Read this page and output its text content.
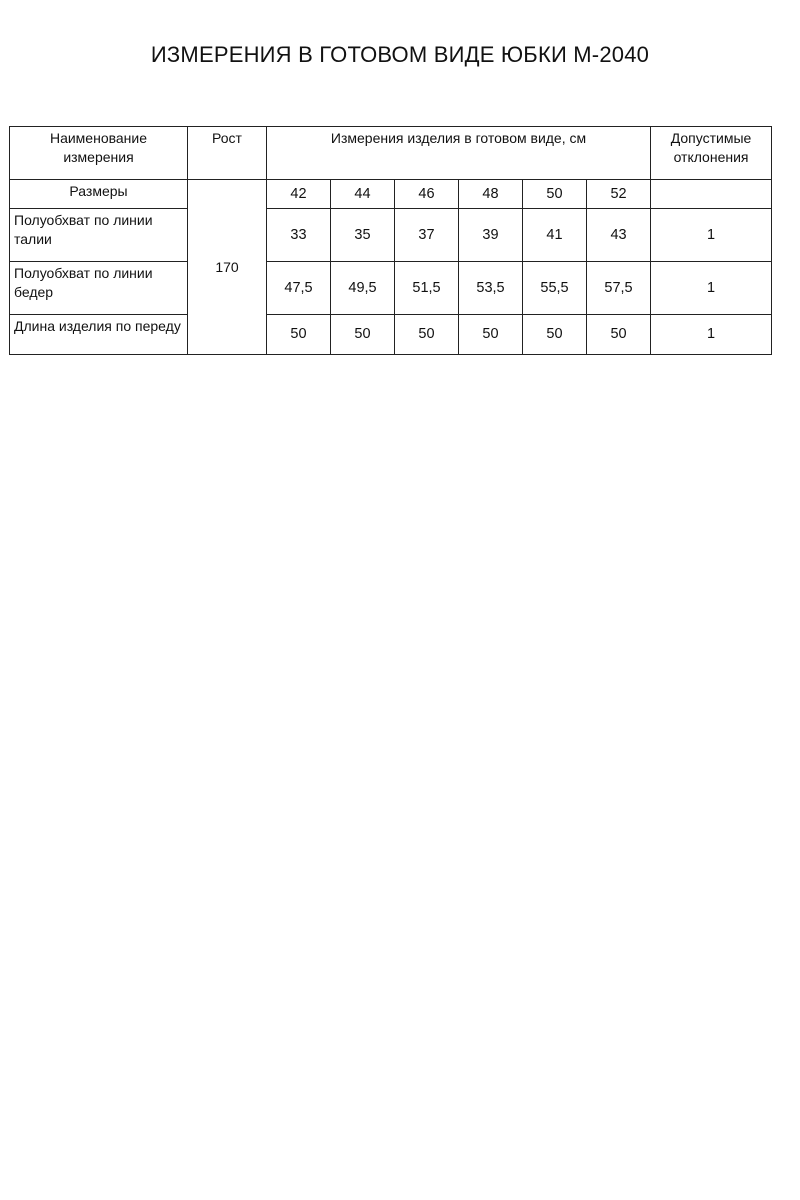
ИЗМЕРЕНИЯ В ГОТОВОМ ВИДЕ ЮБКИ М-2040
Наименование измерения	Рост	Измерения изделия в готовом виде, см						Допустимые отклонения
Размеры	170	42	44	46	48	50	52	
Полуобхват по линии талии		33	35	37	39	41	43	1
Полуобхват по линии бедер		47,5	49,5	51,5	53,5	55,5	57,5	1
Длина изделия по переду		50	50	50	50	50	50	1
